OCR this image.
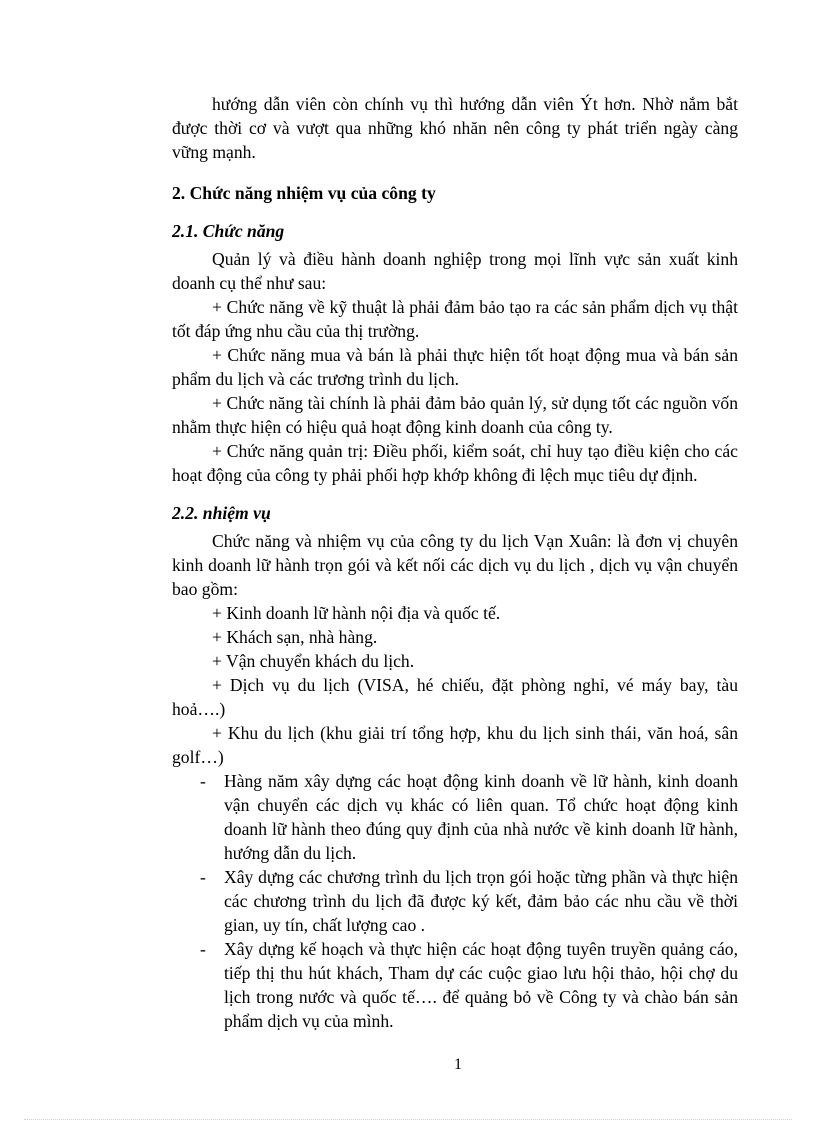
hướng dẫn viên còn chính vụ thì hướng dẫn viên Ýt hơn. Nhờ nắm bắt được thời cơ và vượt qua những khó nhăn nên công ty phát triển ngày càng vững mạnh.

2. Chức năng nhiệm vụ của công ty

2.1. Chức năng

Quản lý và điều hành doanh nghiệp trong mọi lĩnh vực sản xuất kinh doanh cụ thể như sau:

+ Chức năng về kỹ thuật là phải đảm bảo tạo ra các sản phẩm dịch vụ thật tốt đáp ứng nhu cầu của thị trường.

+ Chức năng mua và bán là phải thực hiện tốt hoạt động mua và bán sản phẩm du lịch và các trương trình du lịch.

+ Chức năng tài chính là phải đảm bảo quản lý, sử dụng tốt các nguồn vốn nhằm thực hiện có hiệu quả hoạt động kinh doanh của công ty.

+ Chức năng quản trị: Điều phối, kiểm soát, chỉ huy tạo điều kiện cho các hoạt động của công ty phải phối hợp khớp không đi lệch mục tiêu dự định.

2.2. nhiệm vụ

Chức năng và nhiệm vụ của công ty du lịch Vạn Xuân: là đơn vị chuyên kinh doanh lữ hành trọn gói và kết nối các dịch vụ du lịch , dịch vụ vận chuyển bao gồm:

+ Kinh doanh lữ hành nội địa và quốc tế.

+ Khách sạn, nhà hàng.

+ Vận chuyển khách du lịch.

+ Dịch vụ du lịch (VISA, hé chiếu, đặt phòng nghỉ, vé máy bay, tàu hoả….)

+ Khu du lịch (khu giải trí tổng hợp, khu du lịch sinh thái, văn hoá, sân golf…)

- Hàng năm xây dựng các hoạt động kinh doanh về lữ hành, kinh doanh vận chuyển các dịch vụ khác có liên quan. Tổ chức hoạt động kinh doanh lữ hành theo đúng quy định của nhà nước về kinh doanh lữ hành, hướng dẫn du lịch.
- Xây dựng các chương trình du lịch trọn gói hoặc từng phần và thực hiện các chương trình du lịch đã được ký kết, đảm bảo các nhu cầu về thời gian, uy tín, chất lượng cao .
- Xây dựng kế hoạch và thực hiện các hoạt động tuyên truyền quảng cáo, tiếp thị thu hút khách, Tham dự các cuộc giao lưu hội thảo, hội chợ du lịch trong nước và quốc tế…. để quảng bỏ về Công ty và chào bán sản phẩm dịch vụ của mình.
1
